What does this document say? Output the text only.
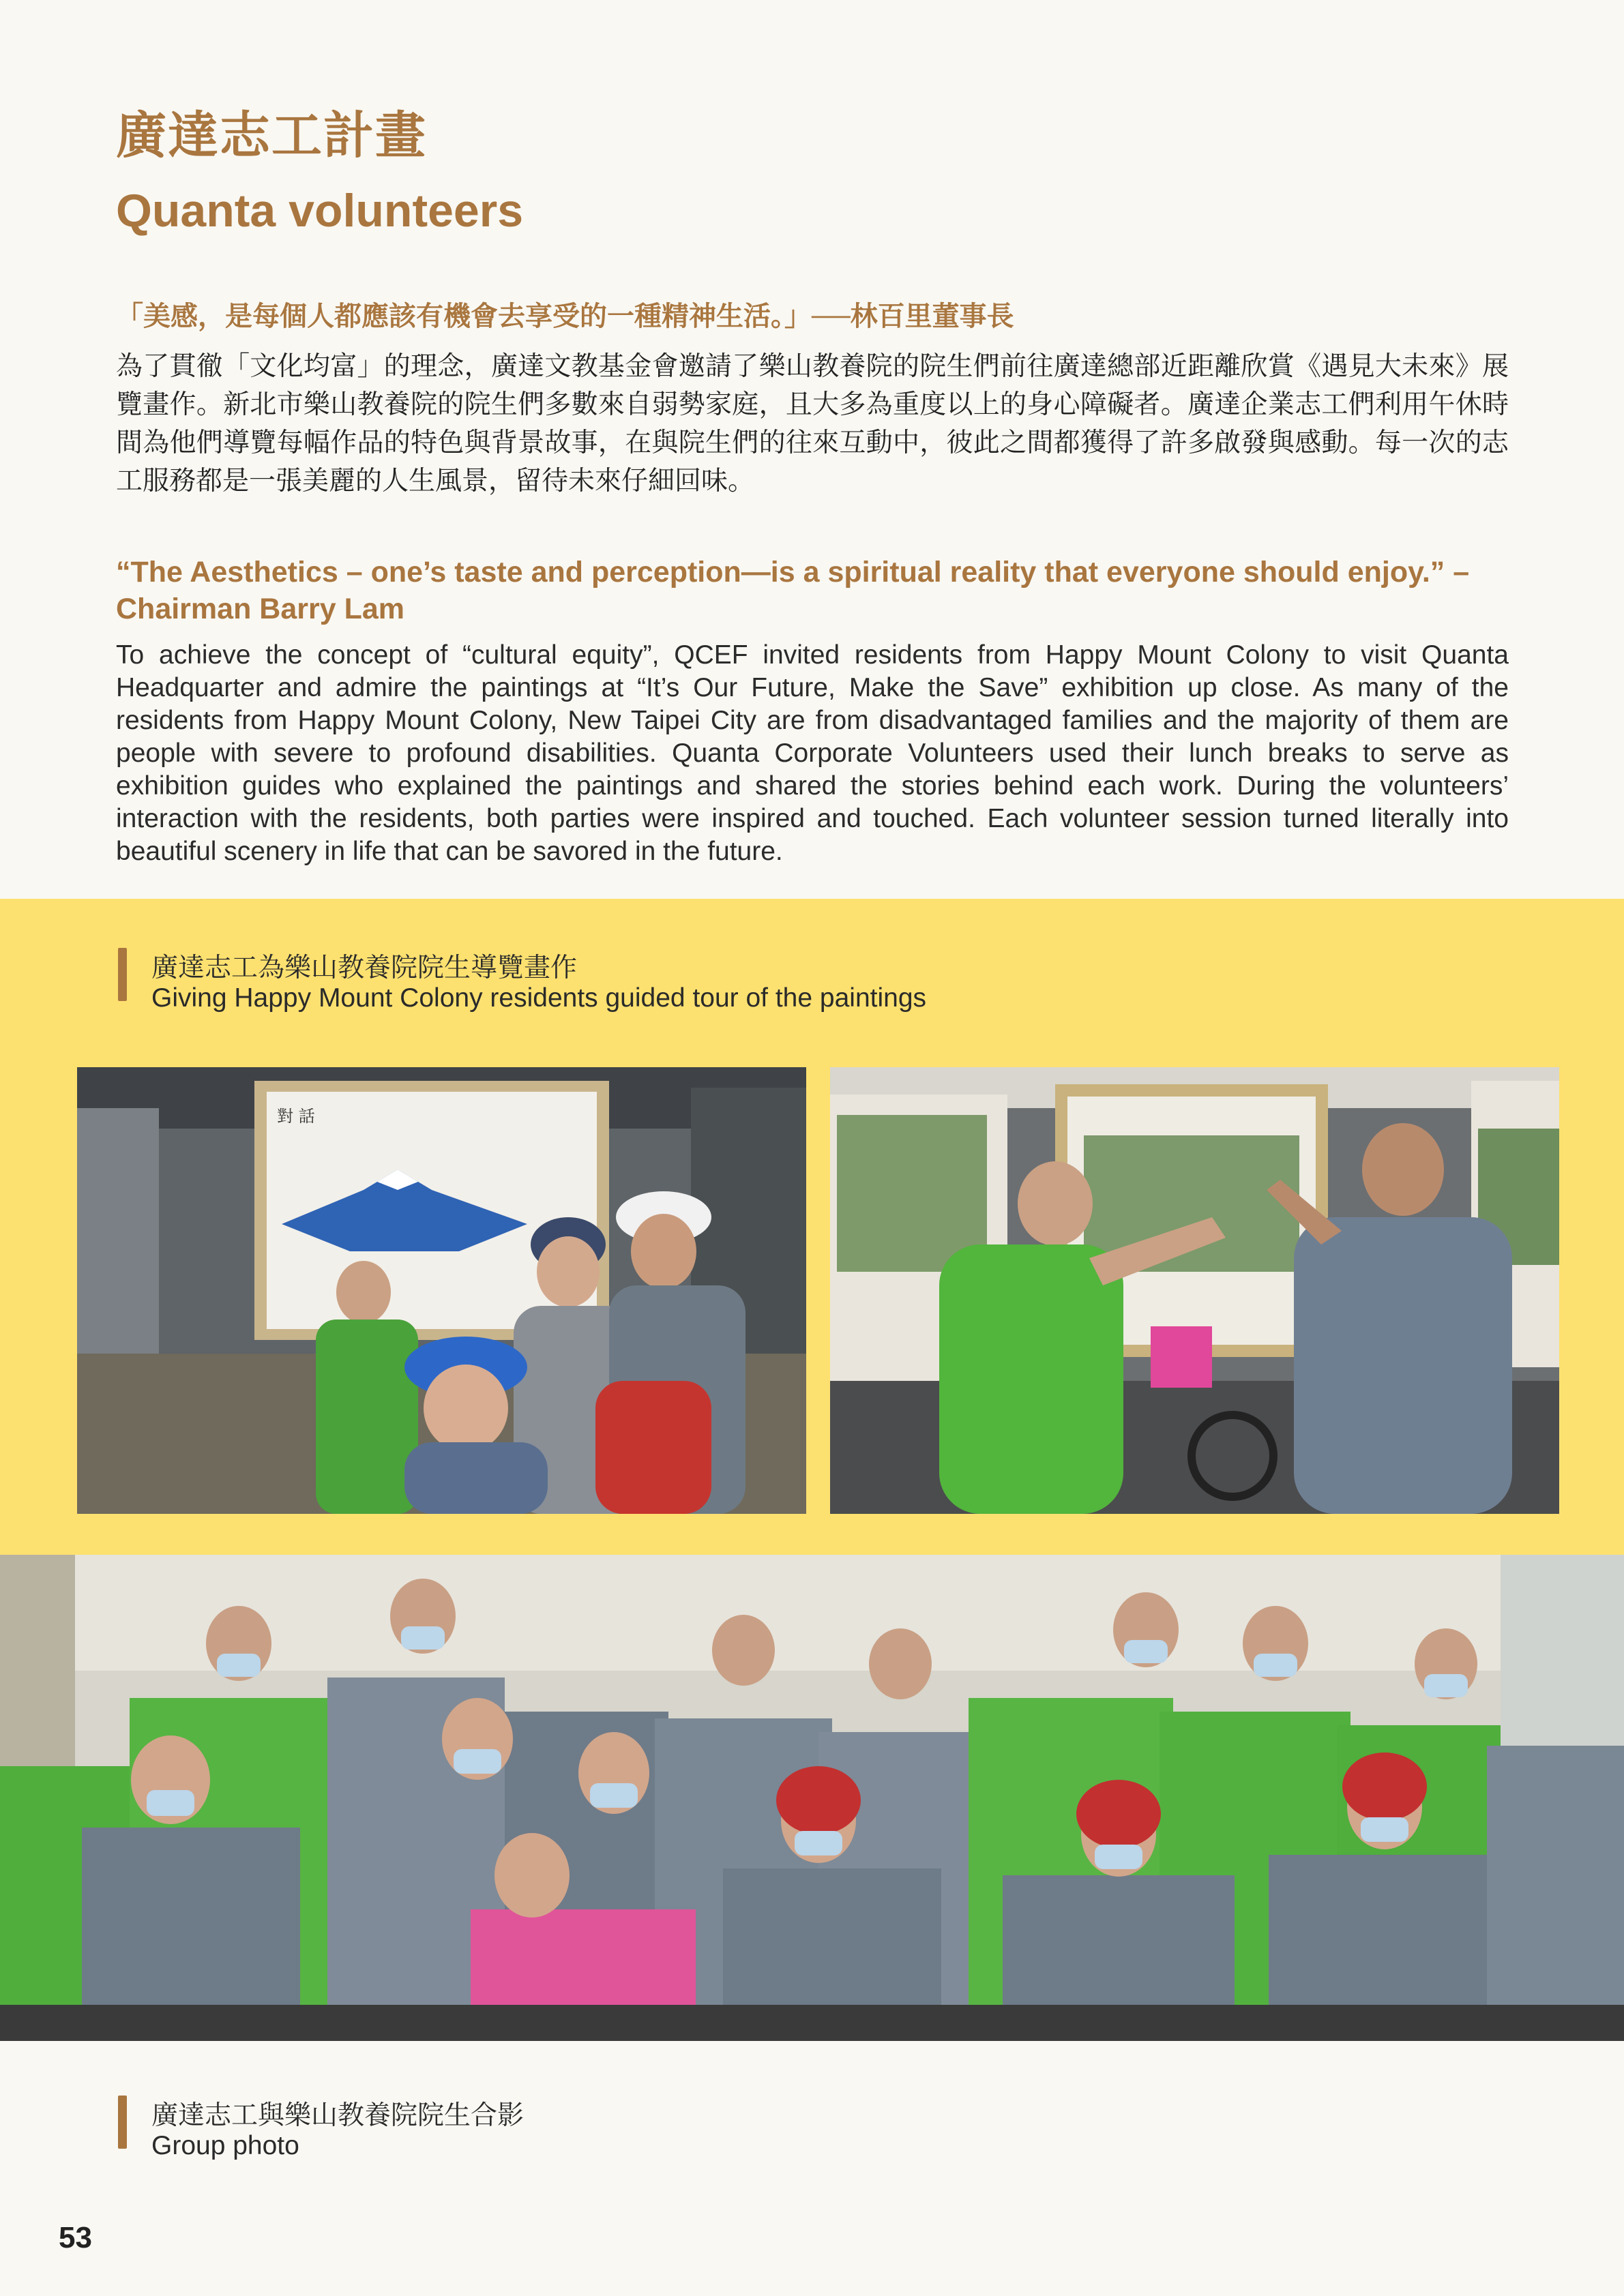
廣達志工計畫
Quanta volunteers
「美感，是每個人都應該有機會去享受的一種精神生活。」──林百里董事長
為了貫徹「文化均富」的理念，廣達文教基金會邀請了樂山教養院的院生們前往廣達總部近距離欣賞《遇見大未來》展覽畫作。新北市樂山教養院的院生們多數來自弱勢家庭，且大多為重度以上的身心障礙者。廣達企業志工們利用午休時間為他們導覽每幅作品的特色與背景故事，在與院生們的往來互動中，彼此之間都獲得了許多啟發與感動。每一次的志工服務都是一張美麗的人生風景，留待未來仔細回味。
“The Aesthetics – one’s taste and perception—is a spiritual reality that everyone should enjoy.” – Chairman Barry Lam
To achieve the concept of “cultural equity”, QCEF invited residents from Happy Mount Colony to visit Quanta Headquarter and admire the paintings at “It’s Our Future, Make the Save” exhibition up close. As many of the residents from Happy Mount Colony, New Taipei City are from disadvantaged families and the majority of them are people with severe to profound disabilities. Quanta Corporate Volunteers used their lunch breaks to serve as exhibition guides who explained the paintings and shared the stories behind each work. During the volunteers’ interaction with the residents, both parties were inspired and touched. Each volunteer session turned literally into beautiful scenery in life that can be savored in the future.
廣達志工為樂山教養院院生導覽畫作
Giving Happy Mount Colony residents guided tour of the paintings
對 話
廣達志工與樂山教養院院生合影
Group photo
53
